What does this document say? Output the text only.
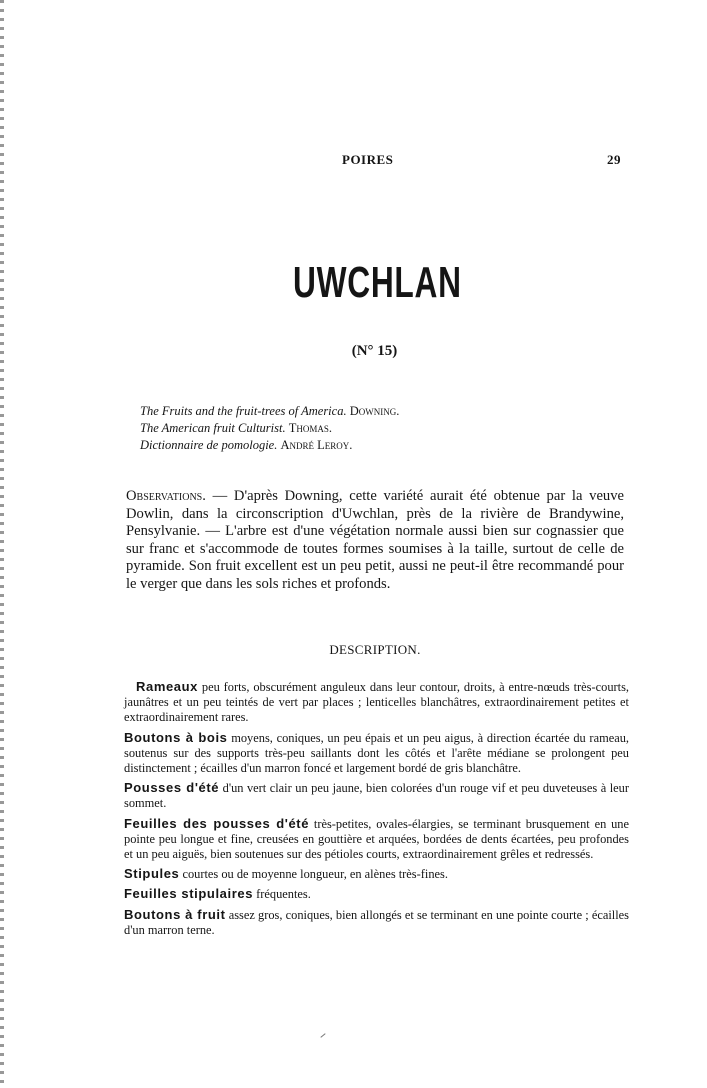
POIRES	29
UWCHLAN
(N° 15)
The Fruits and the fruit-trees of America. Downing.
The American fruit Culturist. Thomas.
Dictionnaire de pomologie. André Leroy.
Observations. — D'après Downing, cette variété aurait été obtenue par la veuve Dowlin, dans la circonscription d'Uwchlan, près de la rivière de Brandywine, Pensylvanie. — L'arbre est d'une végétation normale aussi bien sur cognassier que sur franc et s'accommode de toutes formes soumises à la taille, surtout de celle de pyramide. Son fruit excellent est un peu petit, aussi ne peut-il être recommandé pour le verger que dans les sols riches et profonds.
DESCRIPTION.

Rameaux peu forts, obscurément anguleux dans leur contour, droits, à entre-nœuds très-courts, jaunâtres et un peu teintés de vert par places ; lenticelles blanchâtres, extraordinairement petites et extraordinairement rares.

Boutons à bois moyens, coniques, un peu épais et un peu aigus, à direction écartée du rameau, soutenus sur des supports très-peu saillants dont les côtés et l'arête médiane se prolongent peu distinctement ; écailles d'un marron foncé et largement bordé de gris blanchâtre.

Pousses d'été d'un vert clair un peu jaune, bien colorées d'un rouge vif et peu duveteuses à leur sommet.

Feuilles des pousses d'été très-petites, ovales-élargies, se terminant brusquement en une pointe peu longue et fine, creusées en gouttière et arquées, bordées de dents écartées, peu profondes et un peu aiguës, bien soutenues sur des pétioles courts, extraordinairement grêles et redressés.

Stipules courtes ou de moyenne longueur, en alènes très-fines.

Feuilles stipulaires fréquentes.

Boutons à fruit assez gros, coniques, bien allongés et se terminant en une pointe courte ; écailles d'un marron terne.
